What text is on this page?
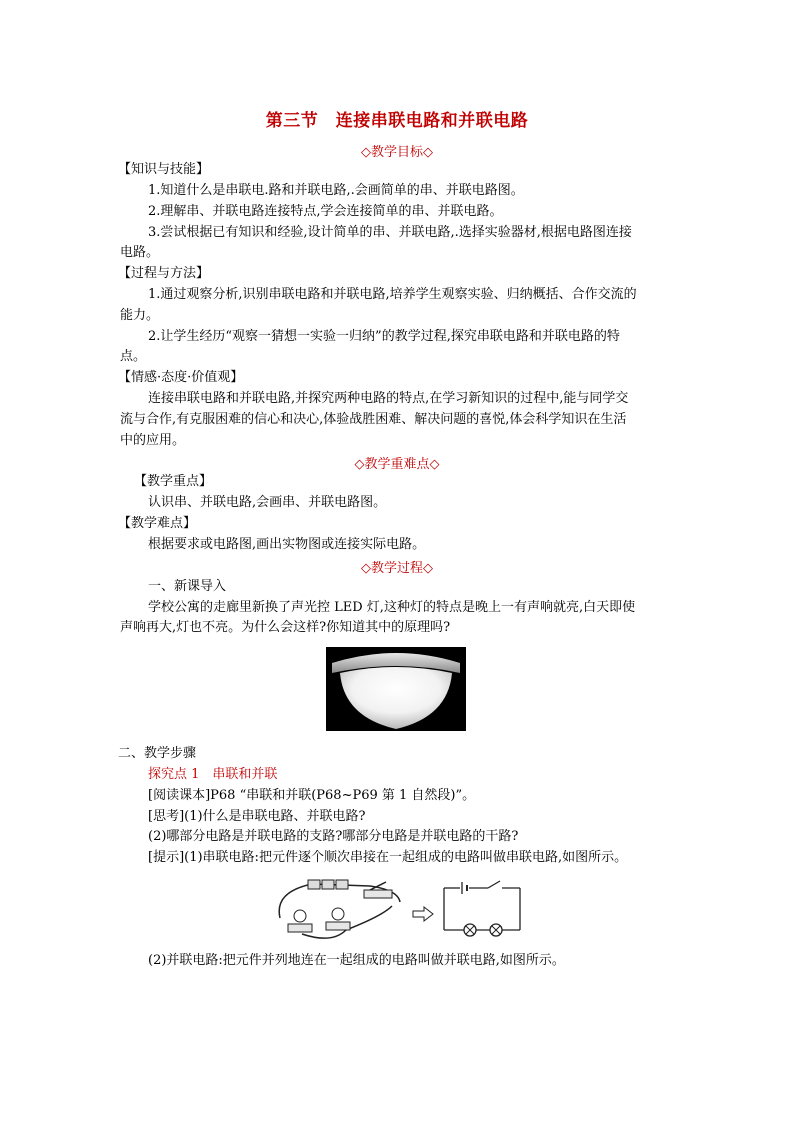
第三节　连接串联电路和并联电路
◇教学目标◇
【知识与技能】
1.知道什么是串联电.路和并联电路,.会画简单的串、并联电路图。
2.理解串、并联电路连接特点,学会连接简单的串、并联电路。
3.尝试根据已有知识和经验,设计简单的串、并联电路,.选择实验器材,根据电路图连接
电路。
【过程与方法】
1.通过观察分析,识别串联电路和并联电路,培养学生观察实验、归纳概括、合作交流的
能力。
2.让学生经历“观察一猜想一实验一归纳”的教学过程,探究串联电路和并联电路的特
点。
【情感·态度·价值观】
连接串联电路和并联电路,并探究两种电路的特点,在学习新知识的过程中,能与同学交
流与合作,有克服困难的信心和决心,体验战胜困难、解决问题的喜悦,体会科学知识在生活
中的应用。
◇教学重难点◇
【教学重点】
认识串、并联电路,会画串、并联电路图。
【教学难点】
根据要求或电路图,画出实物图或连接实际电路。
◇教学过程◇
一、新课导入
学校公寓的走廊里新换了声光控 LED 灯,这种灯的特点是晚上一有声响就亮,白天即使
声响再大,灯也不亮。为什么会这样?你知道其中的原理吗?
二、教学步骤
探究点 1　串联和并联
[阅读课本]P68 “串联和并联(P68~P69 第 1 自然段)”。
[思考](1)什么是串联电路、并联电路?
(2)哪部分电路是并联电路的支路?哪部分电路是并联电路的干路?
[提示](1)串联电路:把元件逐个顺次串接在一起组成的电路叫做串联电路,如图所示。
(2)并联电路:把元件并列地连在一起组成的电路叫做并联电路,如图所示。
